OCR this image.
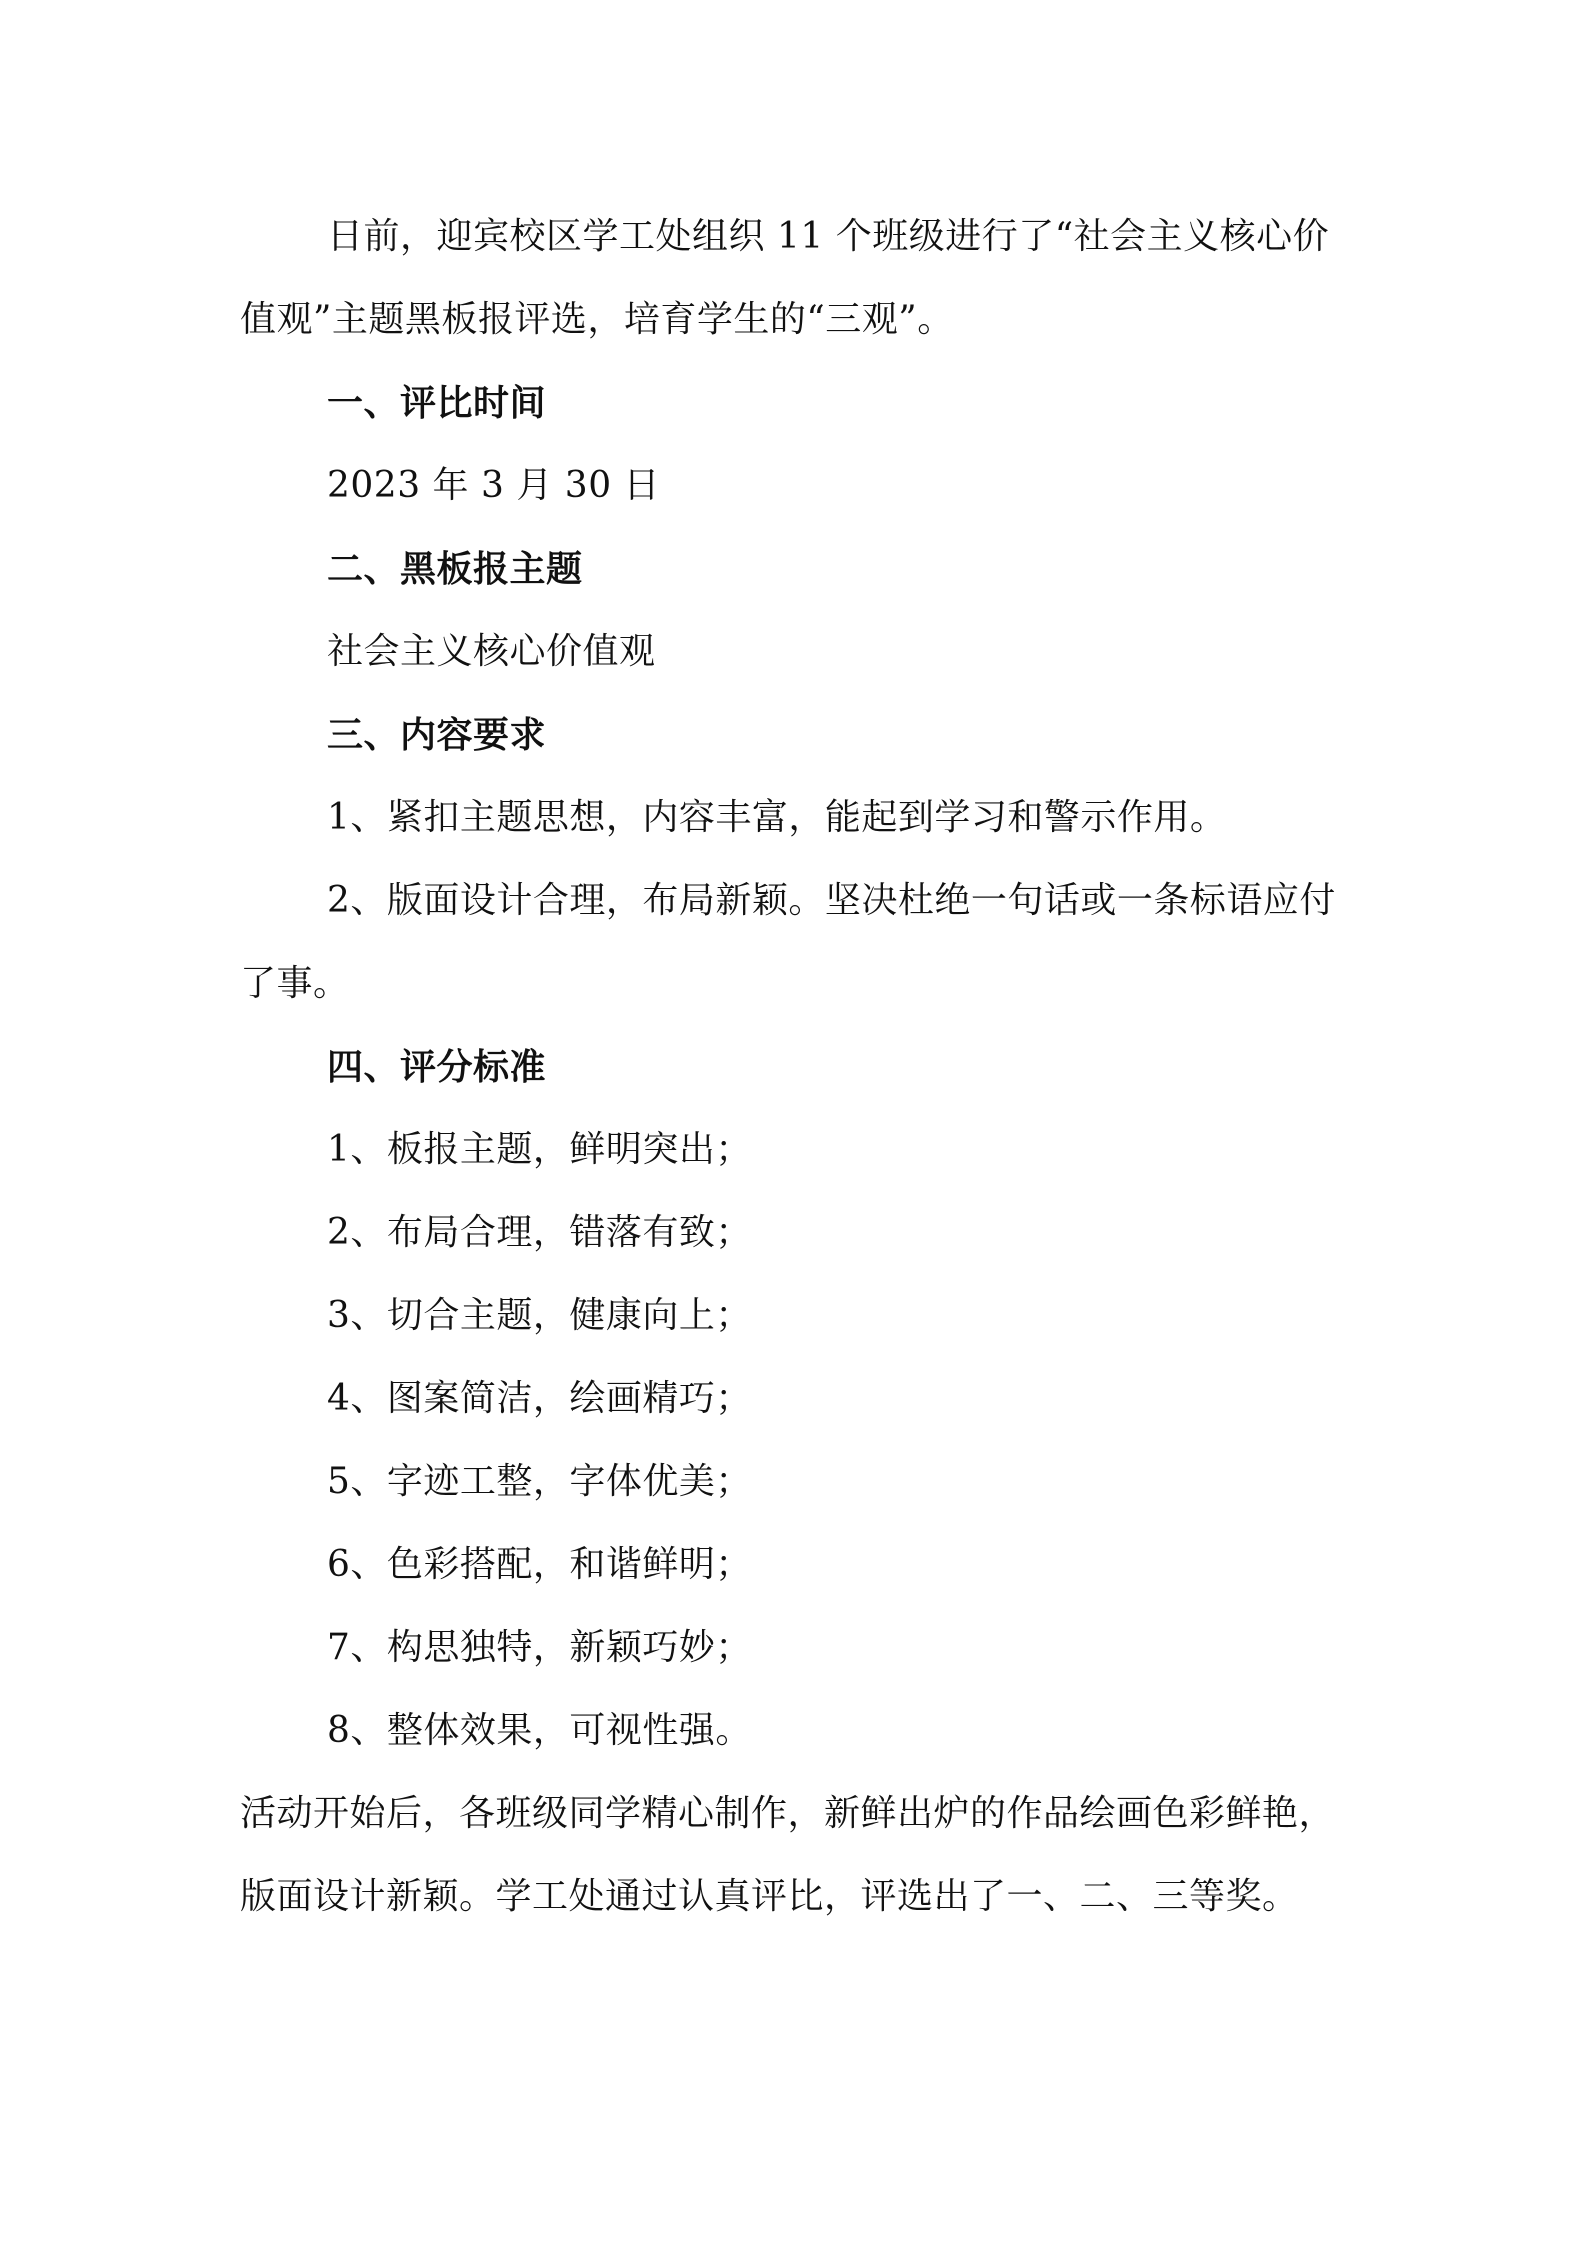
日前，迎宾校区学工处组织 11 个班级进行了“社会主义核心价
值观”主题黑板报评选，培育学生的“三观”。
一、评比时间
2023 年 3 月 30 日
二、黑板报主题
社会主义核心价值观
三、内容要求
1、紧扣主题思想，内容丰富，能起到学习和警示作用。
2、版面设计合理，布局新颖。坚决杜绝一句话或一条标语应付
了事。
四、评分标准
1、板报主题，鲜明突出；
2、布局合理，错落有致；
3、切合主题，健康向上；
4、图案简洁，绘画精巧；
5、字迹工整，字体优美；
6、色彩搭配，和谐鲜明；
7、构思独特，新颖巧妙；
8、整体效果，可视性强。
活动开始后，各班级同学精心制作，新鲜出炉的作品绘画色彩鲜艳，
版面设计新颖。学工处通过认真评比，评选出了一、二、三等奖。
